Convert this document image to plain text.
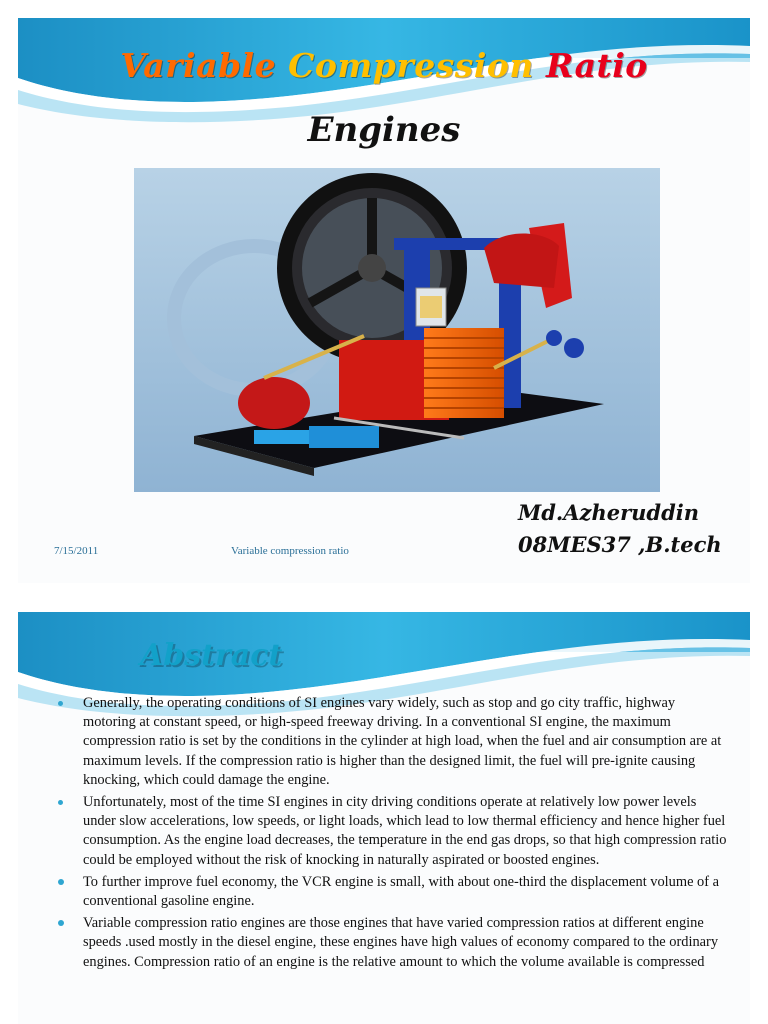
Variable Compression Ratio
Engines
Md.Azheruddin
08MES37 ,B.tech
7/15/2011	Variable compression ratio
Abstract
Generally, the operating conditions of SI engines vary widely, such as stop and go city traffic, highway motoring at constant speed, or high-speed freeway driving. In a conventional SI engine, the maximum compression ratio is set by the conditions in the cylinder at high load, when the fuel and air consumption are at maximum levels. If the compression ratio is higher than the designed limit, the fuel will pre-ignite causing knocking, which could damage the engine.
Unfortunately, most of the time SI engines in city driving conditions operate at relatively low power levels under slow accelerations, low speeds, or light loads, which lead to low thermal efficiency and hence higher fuel consumption. As the engine load decreases, the temperature in the end gas drops, so that high compression ratio could be employed without the risk of knocking in naturally aspirated or boosted engines.
To further improve fuel economy, the VCR engine is small, with about one-third the displacement volume of a conventional gasoline engine.
Variable compression ratio engines are those engines that have varied compression ratios at different engine speeds .used mostly in the diesel engine, these engines have high values of economy compared to the ordinary engines. Compression ratio of an engine is the relative amount to which the volume available is compressed
